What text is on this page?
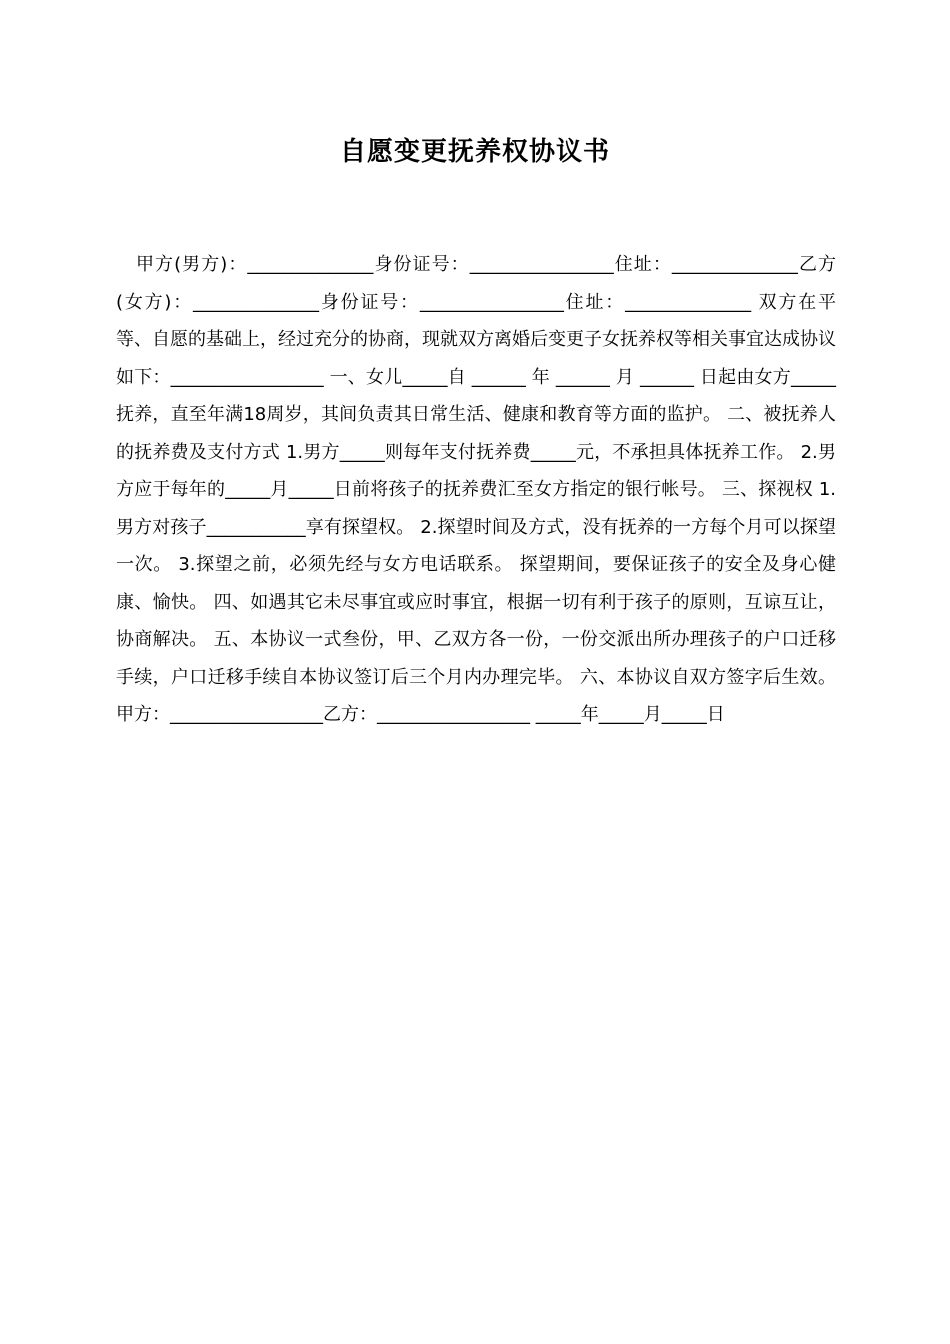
自愿变更抚养权协议书

甲方(男方)：______________身份证号：________________住址：______________乙方(女方)：______________身份证号：________________住址：______________ 双方在平等、自愿的基础上，经过充分的协商，现就双方离婚后变更子女抚养权等相关事宜达成协议如下：_________________ 一、女儿_____自 ______ 年 ______ 月 ______ 日起由女方_____抚养，直至年满18周岁，其间负责其日常生活、健康和教育等方面的监护。 二、被抚养人的抚养费及支付方式 1.男方_____则每年支付抚养费_____元，不承担具体抚养工作。 2.男方应于每年的_____月_____日前将孩子的抚养费汇至女方指定的银行帐号。 三、探视权 1.男方对孩子___________享有探望权。 2.探望时间及方式，没有抚养的一方每个月可以探望一次。 3.探望之前，必须先经与女方电话联系。 探望期间，要保证孩子的安全及身心健康、愉快。 四、如遇其它未尽事宜或应时事宜，根据一切有利于孩子的原则，互谅互让，协商解决。 五、本协议一式叁份，甲、乙双方各一份，一份交派出所办理孩子的户口迁移手续，户口迁移手续自本协议签订后三个月内办理完毕。 六、本协议自双方签字后生效。 甲方：_________________乙方：_________________ _____年_____月_____日
